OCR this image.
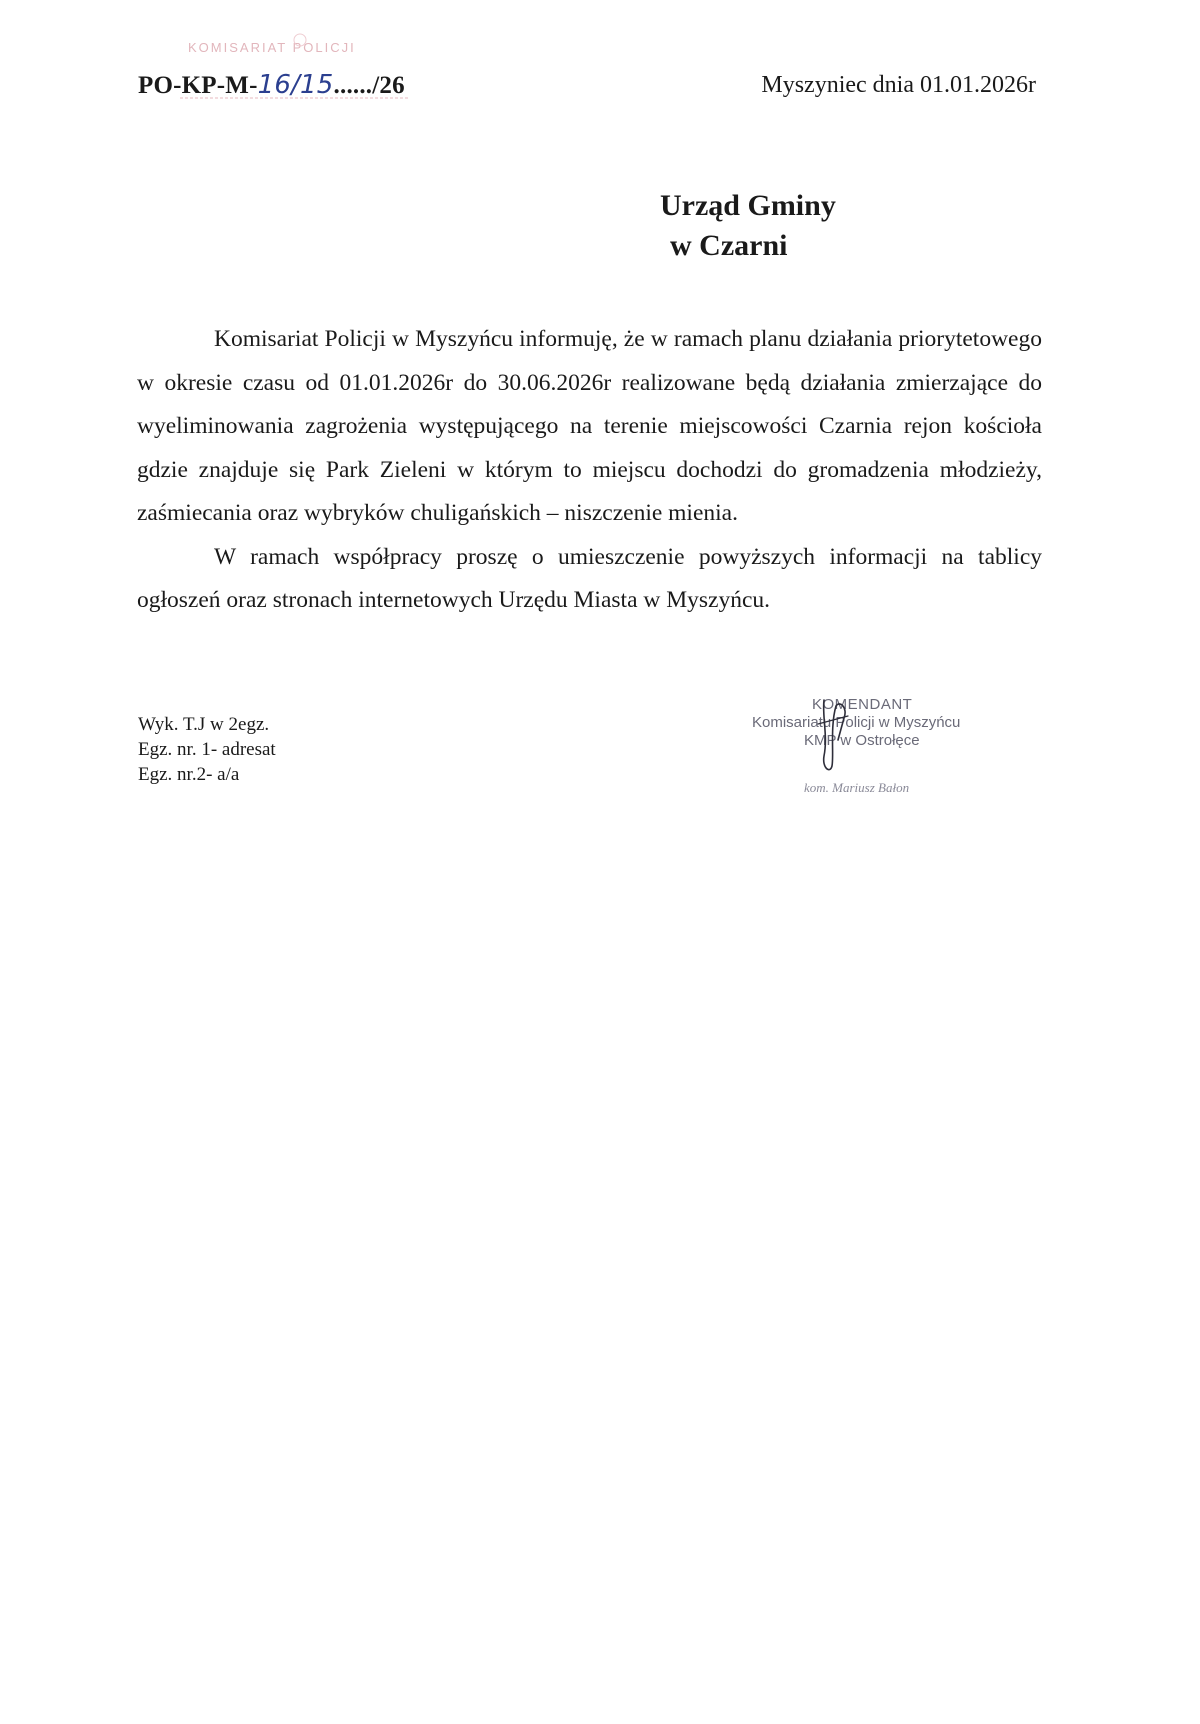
KOMISARIAT POLICJI
PO-KP-M-16/15....../26	Myszyniec dnia 01.01.2026r
Urząd Gminy
w Czarni

Komisariat Policji w Myszyńcu informuję, że w ramach planu działania priorytetowego w okresie czasu od 01.01.2026r do 30.06.2026r realizowane będą działania zmierzające do wyeliminowania zagrożenia występującego na terenie miejscowości Czarnia rejon kościoła gdzie znajduje się Park Zieleni w którym to miejscu dochodzi do gromadzenia młodzieży, zaśmiecania oraz wybryków chuligańskich – niszczenie mienia.

W ramach współpracy proszę o umieszczenie powyższych informacji na tablicy ogłoszeń oraz stronach internetowych Urzędu Miasta w Myszyńcu.

Wyk. T.J w 2egz.
Egz. nr. 1- adresat
Egz. nr.2- a/a
KOMENDANT
Komisariatu Policji w Myszyńcu
KMP w Ostrołęce
kom. Mariusz Bałon
